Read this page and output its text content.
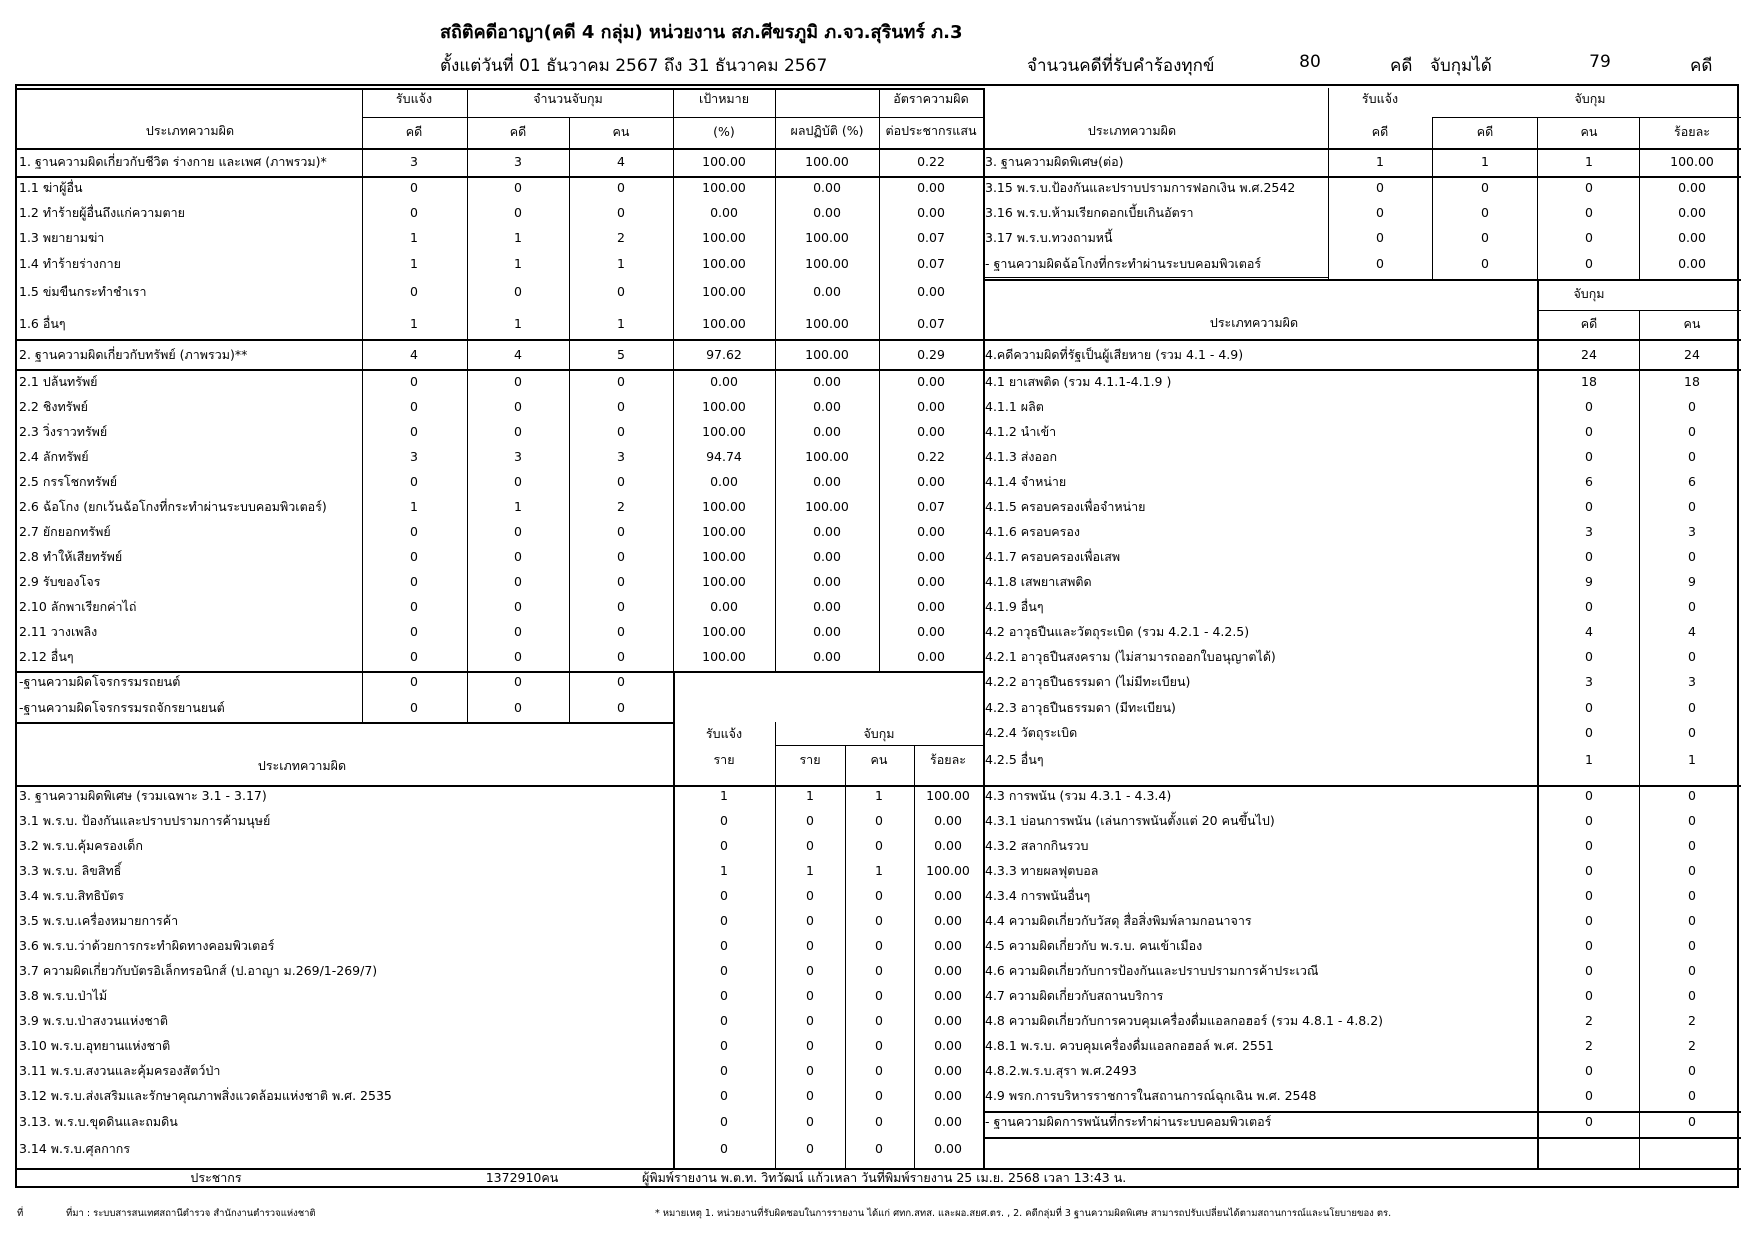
สถิติคดีอาญา(คดี 4 กลุ่ม) หน่วยงาน สภ.ศีขรภูมิ ภ.จว.สุรินทร์ ภ.3
ตั้งแต่วันที่ 01 ธันวาคม 2567 ถึง 31 ธันวาคม 2567	จำนวนคดีที่รับคำร้องทุกข์	80	คดี จับกุมได้	79	คดี
รับแจ้ง	จำนวนจับกุม	เป้าหมาย	อัตราความผิด
ประเภทความผิด	คดี	คดี	คน	(%)	ผลปฏิบัติ (%) ต่อประชากรแสน
1. ฐานความผิดเกี่ยวกับชีวิต ร่างกาย และเพศ (ภาพรวม)*	3	3	4	100.00	100.00	0.22
1.1 ฆ่าผู้อื่น	0	0	0	100.00	0.00	0.00
1.2 ทำร้ายผู้อื่นถึงแก่ความตาย	0	0	0	0.00	0.00	0.00
1.3 พยายามฆ่า	1	1	2	100.00	100.00	0.07
1.4 ทำร้ายร่างกาย	1	1	1	100.00	100.00	0.07
1.5 ข่มขืนกระทำชำเรา	0	0	0	100.00	0.00	0.00
1.6 อื่นๆ	1	1	1	100.00	100.00	0.07
2. ฐานความผิดเกี่ยวกับทรัพย์ (ภาพรวม)**	4	4	5	97.62	100.00	0.29
2.1 ปล้นทรัพย์	0	0	0	0.00	0.00	0.00
2.2 ชิงทรัพย์	0	0	0	100.00	0.00	0.00
2.3 วิ่งราวทรัพย์	0	0	0	100.00	0.00	0.00
2.4 ลักทรัพย์	3	3	3	94.74	100.00	0.22
2.5 กรรโชกทรัพย์	0	0	0	0.00	0.00	0.00
2.6 ฉ้อโกง (ยกเว้นฉ้อโกงที่กระทำผ่านระบบคอมพิวเตอร์)	1	1	2	100.00	100.00	0.07
2.7 ยักยอกทรัพย์	0	0	0	100.00	0.00	0.00
2.8 ทำให้เสียทรัพย์	0	0	0	100.00	0.00	0.00
2.9 รับของโจร	0	0	0	100.00	0.00	0.00
2.10 ลักพาเรียกค่าไถ่	0	0	0	0.00	0.00	0.00
2.11 วางเพลิง	0	0	0	100.00	0.00	0.00
2.12 อื่นๆ	0	0	0	100.00	0.00	0.00
-ฐานความผิดโจรกรรมรถยนต์	0	0	0
-ฐานความผิดโจรกรรมรถจักรยานยนต์	0	0	0
ประเภทความผิด
รับแจ้ง	จับกุม
ราย	ราย	คน	ร้อยละ
3. ฐานความผิดพิเศษ (รวมเฉพาะ 3.1 - 3.17)	1	1	1	100.00
3.1 พ.ร.บ. ป้องกันและปราบปรามการค้ามนุษย์	0	0	0	0.00
3.2 พ.ร.บ.คุ้มครองเด็ก	0	0	0	0.00
3.3 พ.ร.บ. ลิขสิทธิ์	1	1	1	100.00
3.4 พ.ร.บ.สิทธิบัตร	0	0	0	0.00
3.5 พ.ร.บ.เครื่องหมายการค้า	0	0	0	0.00
3.6 พ.ร.บ.ว่าด้วยการกระทำผิดทางคอมพิวเตอร์	0	0	0	0.00
3.7 ความผิดเกี่ยวกับบัตรอิเล็กทรอนิกส์ (ป.อาญา ม.269/1-269/7)	0	0	0	0.00
3.8 พ.ร.บ.ป่าไม้	0	0	0	0.00
3.9 พ.ร.บ.ป่าสงวนแห่งชาติ	0	0	0	0.00
3.10 พ.ร.บ.อุทยานแห่งชาติ	0	0	0	0.00
3.11 พ.ร.บ.สงวนและคุ้มครองสัตว์ป่า	0	0	0	0.00
3.12 พ.ร.บ.ส่งเสริมและรักษาคุณภาพสิ่งแวดล้อมแห่งชาติ พ.ศ. 2535	0	0	0	0.00
3.13. พ.ร.บ.ขุดดินและถมดิน	0	0	0	0.00
3.14 พ.ร.บ.ศุลกากร	0	0	0	0.00
รับแจ้ง	จับกุม
ประเภทความผิด	คดี	คดี	คน	ร้อยละ
3. ฐานความผิดพิเศษ(ต่อ)	1	1	1	100.00
3.15 พ.ร.บ.ป้องกันและปราบปรามการฟอกเงิน พ.ศ.2542	0	0	0	0.00
3.16 พ.ร.บ.ห้ามเรียกดอกเบี้ยเกินอัตรา	0	0	0	0.00
3.17 พ.ร.บ.ทวงถามหนี้	0	0	0	0.00
- ฐานความผิดฉ้อโกงที่กระทำผ่านระบบคอมพิวเตอร์	0	0	0	0.00
จับกุม
ประเภทความผิด	คดี	คน
4.คดีความผิดที่รัฐเป็นผู้เสียหาย (รวม 4.1 - 4.9)	24	24
4.1 ยาเสพติด (รวม 4.1.1-4.1.9 )	18	18
4.1.1 ผลิต	0	0
4.1.2 นำเข้า	0	0
4.1.3 ส่งออก	0	0
4.1.4 จำหน่าย	6	6
4.1.5 ครอบครองเพื่อจำหน่าย	0	0
4.1.6 ครอบครอง	3	3
4.1.7 ครอบครองเพื่อเสพ	0	0
4.1.8 เสพยาเสพติด	9	9
4.1.9 อื่นๆ	0	0
4.2 อาวุธปืนและวัตถุระเบิด (รวม 4.2.1 - 4.2.5)	4	4
4.2.1 อาวุธปืนสงคราม (ไม่สามารถออกใบอนุญาตได้)	0	0
4.2.2 อาวุธปืนธรรมดา (ไม่มีทะเบียน)	3	3
4.2.3 อาวุธปืนธรรมดา (มีทะเบียน)	0	0
4.2.4 วัตถุระเบิด	0	0
4.2.5 อื่นๆ	1	1
4.3 การพนัน (รวม 4.3.1 - 4.3.4)	0	0
4.3.1 บ่อนการพนัน (เล่นการพนันตั้งแต่ 20 คนขึ้นไป)	0	0
4.3.2 สลากกินรวบ	0	0
4.3.3 ทายผลฟุตบอล	0	0
4.3.4 การพนันอื่นๆ	0	0
4.4 ความผิดเกี่ยวกับวัสดุ สื่อสิ่งพิมพ์ลามกอนาจาร	0	0
4.5 ความผิดเกี่ยวกับ พ.ร.บ. คนเข้าเมือง	0	0
4.6 ความผิดเกี่ยวกับการป้องกันและปราบปรามการค้าประเวณี	0	0
4.7 ความผิดเกี่ยวกับสถานบริการ	0	0
4.8 ความผิดเกี่ยวกับการควบคุมเครื่องดื่มแอลกอฮอร์ (รวม 4.8.1 - 4.8.2)	2	2
4.8.1 พ.ร.บ. ควบคุมเครื่องดื่มแอลกอฮอล์ พ.ศ. 2551	2	2
4.8.2.พ.ร.บ.สุรา พ.ศ.2493	0	0
4.9 พรก.การบริหารราชการในสถานการณ์ฉุกเฉิน พ.ศ. 2548	0	0
- ฐานความผิดการพนันที่กระทำผ่านระบบคอมพิวเตอร์	0	0
ประชากร	1372910คน	ผู้พิมพ์รายงาน พ.ต.ท. วิทวัฒน์ แก้วเหลา วันที่พิมพ์รายงาน 25 เม.ย. 2568 เวลา 13:43 น.
ที่	ที่มา : ระบบสารสนเทศสถานีตำรวจ สำนักงานตำรวจแห่งชาติ	* หมายเหตุ 1. หน่วยงานที่รับผิดชอบในการรายงาน ได้แก่ ศทก.สทส. และผอ.สยศ.ตร. , 2. คดีกลุ่มที่ 3 ฐานความผิดพิเศษ สามารถปรับเปลี่ยนได้ตามสถานการณ์และนโยบายของ ตร.
